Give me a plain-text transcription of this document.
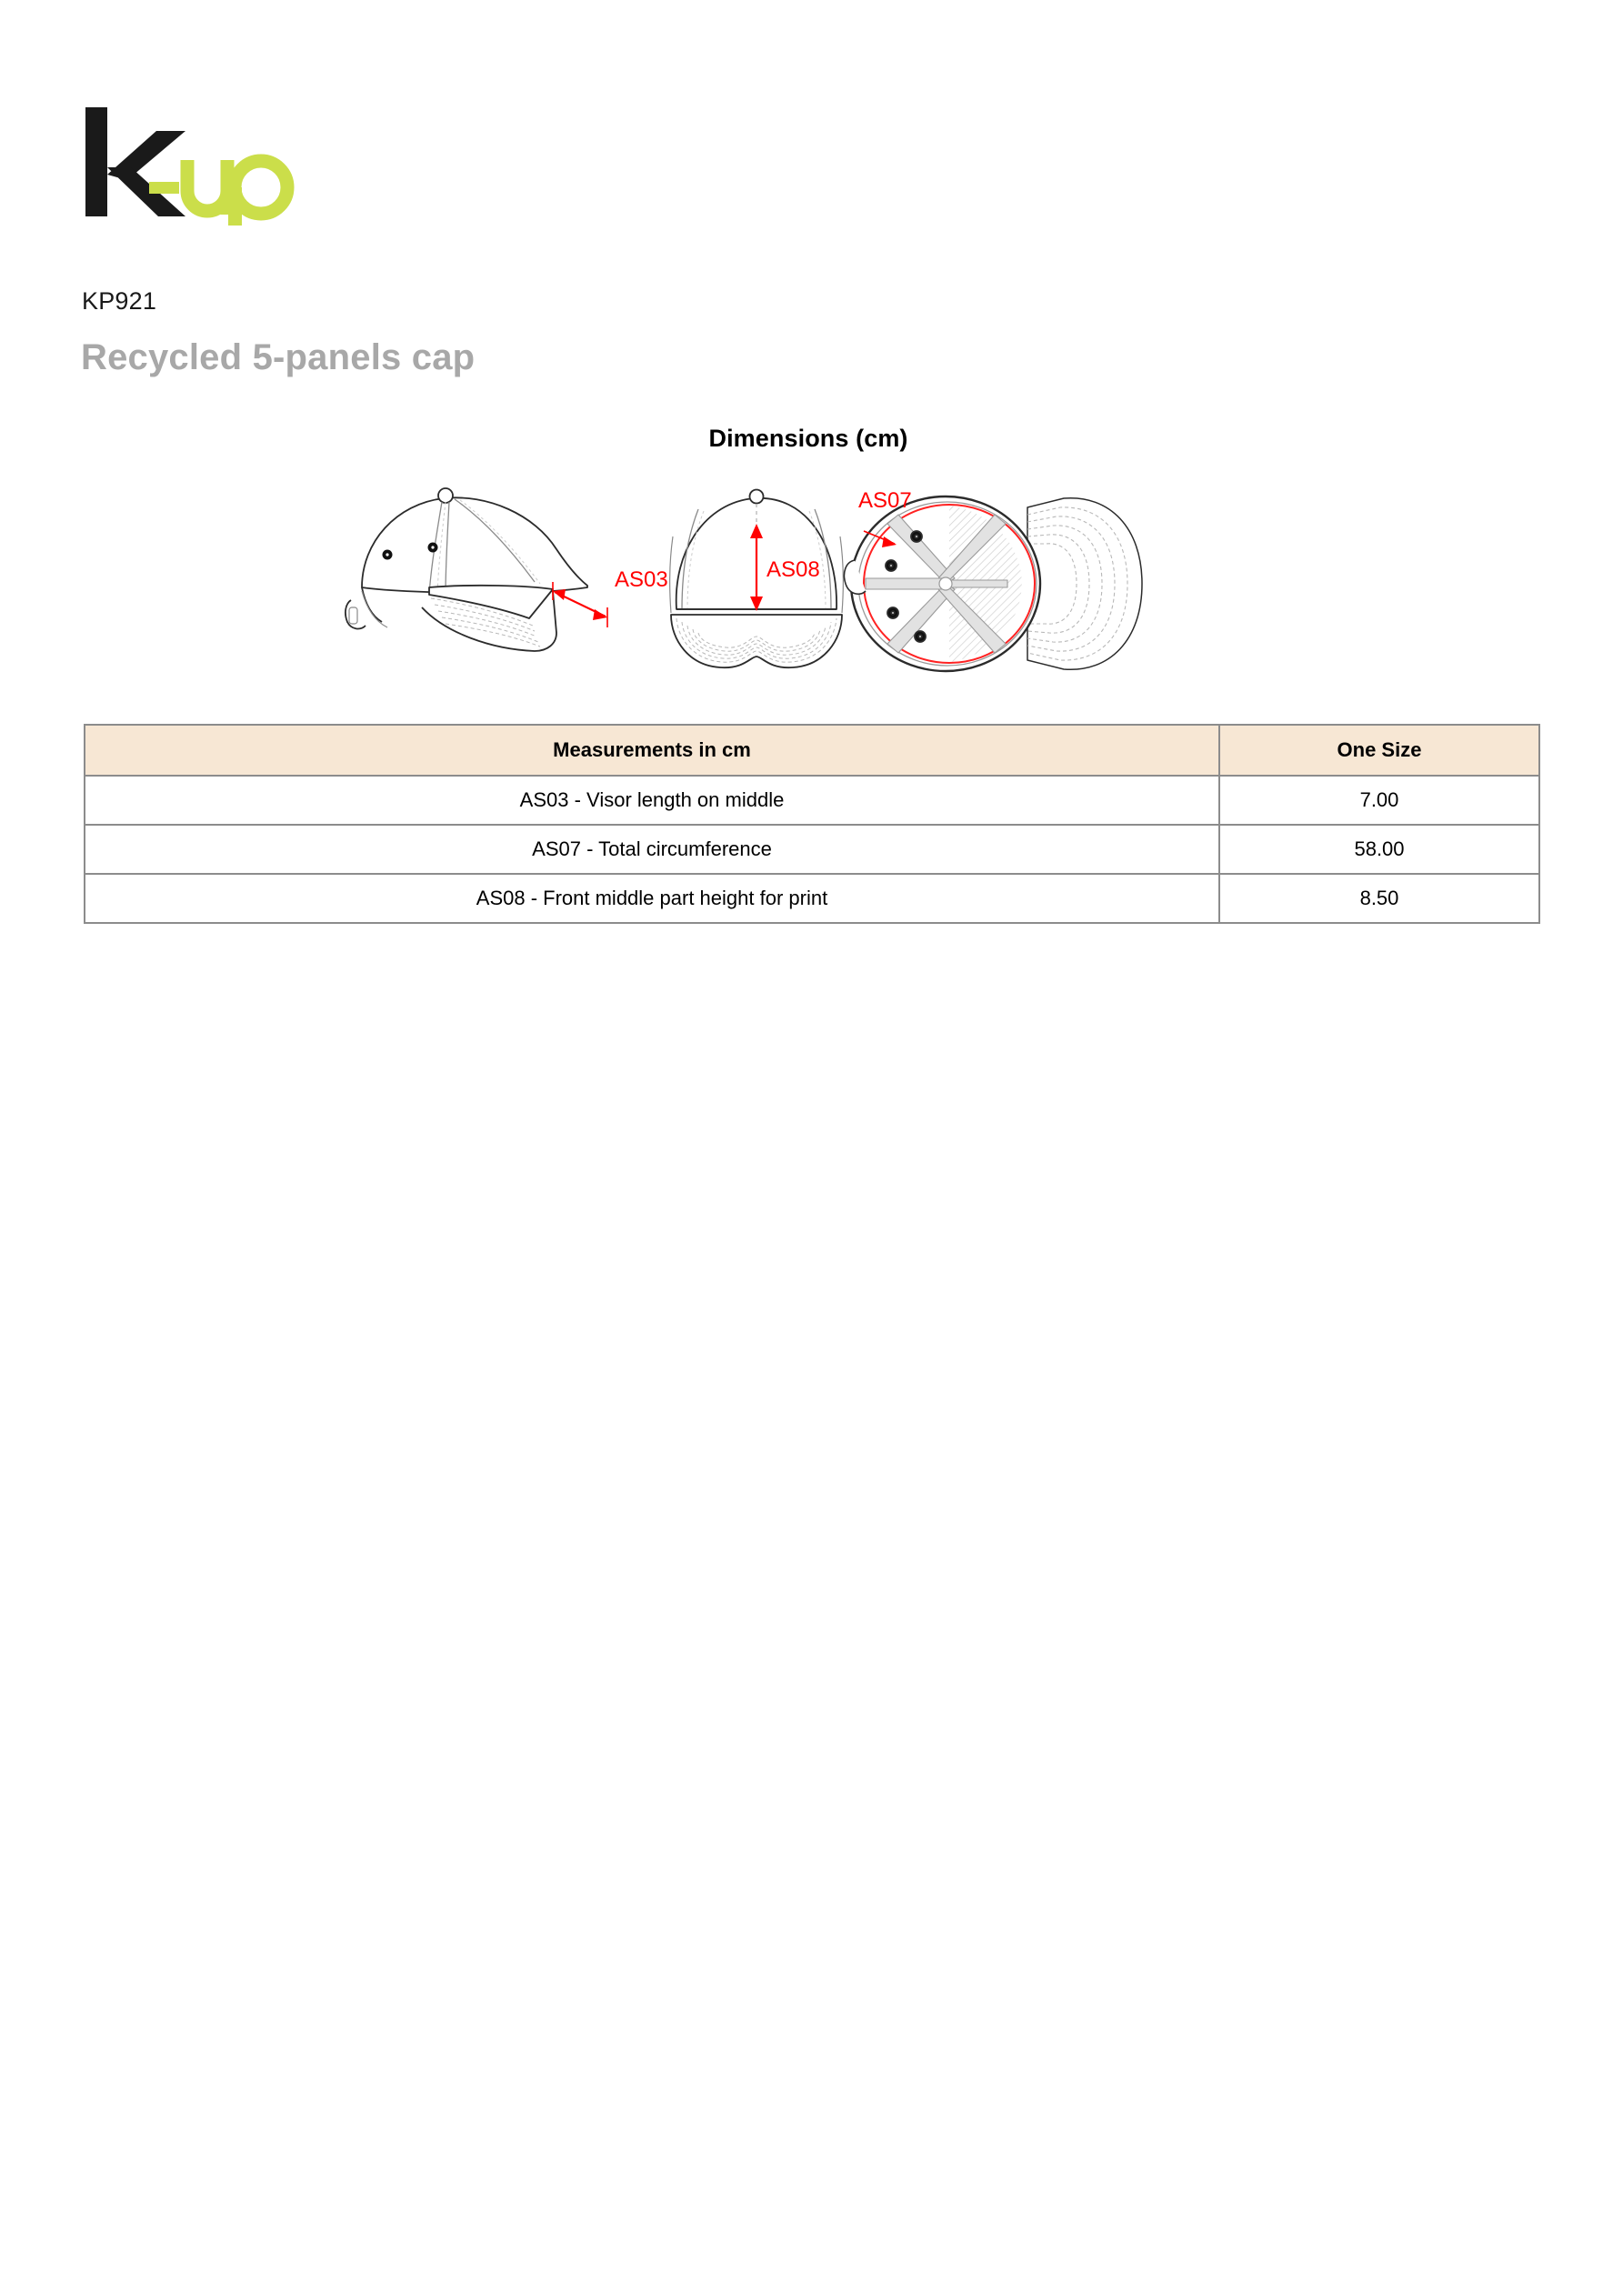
KP921
Recycled 5-panels cap
Dimensions (cm)
AS03	AS08
AS07
Measurements in cm	One Size
AS03 - Visor length on middle	7.00
AS07 - Total circumference	58.00
AS08 - Front middle part height for print	8.50
